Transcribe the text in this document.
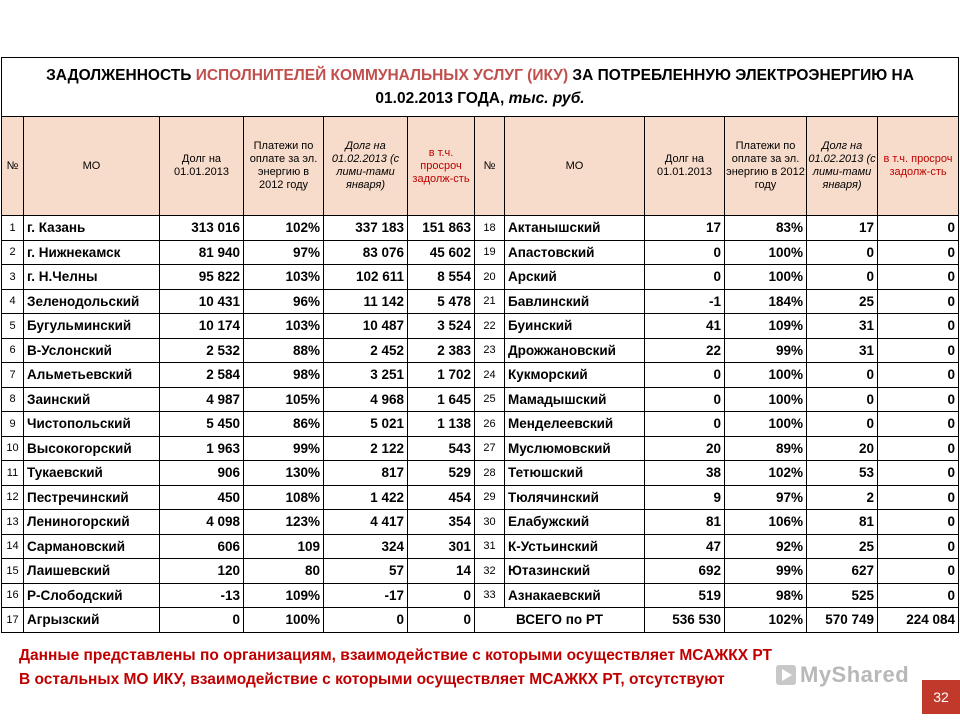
ЗАДОЛЖЕННОСТЬ ИСПОЛНИТЕЛЕЙ КОММУНАЛЬНЫХ УСЛУГ (ИКУ) ЗА ПОТРЕБЛЕННУЮ ЭЛЕКТРОЭНЕРГИЮ НА 01.02.2013 ГОДА, тыс. руб.											
№	МО	Долг на 01.01.2013	Платежи по оплате за эл. энергию в 2012 году	Долг на 01.02.2013 (с лими-тами января)	в т.ч. просроч задолж-сть	№	МО	Долг на 01.01.2013	Платежи по оплате за эл. энергию в 2012 году	Долг на 01.02.2013 (с лими-тами января)	в т.ч. просроч задолж-сть
1	г. Казань	313 016	102%	337 183	151 863	18	Актанышский	17	83%	17	0
2	г. Нижнекамск	81 940	97%	83 076	45 602	19	Апастовский	0	100%	0	0
3	г. Н.Челны	95 822	103%	102 611	8 554	20	Арский	0	100%	0	0
4	Зеленодольский	10 431	96%	11 142	5 478	21	Бавлинский	-1	184%	25	0
5	Бугульминский	10 174	103%	10 487	3 524	22	Буинский	41	109%	31	0
6	В-Услонский	2 532	88%	2 452	2 383	23	Дрожжановский	22	99%	31	0
7	Альметьевский	2 584	98%	3 251	1 702	24	Кукморский	0	100%	0	0
8	Заинский	4 987	105%	4 968	1 645	25	Мамадышский	0	100%	0	0
9	Чистопольский	5 450	86%	5 021	1 138	26	Менделеевский	0	100%	0	0
10	Высокогорский	1 963	99%	2 122	543	27	Муслюмовский	20	89%	20	0
11	Тукаевский	906	130%	817	529	28	Тетюшский	38	102%	53	0
12	Пестречинский	450	108%	1 422	454	29	Тюлячинский	9	97%	2	0
13	Лениногорский	4 098	123%	4 417	354	30	Елабужский	81	106%	81	0
14	Сармановский	606	109	324	301	31	К-Устьинский	47	92%	25	0
15	Лаишевский	120	80	57	14	32	Ютазинский	692	99%	627	0
16	Р-Слободский	-13	109%	-17	0	33	Азнакаевский	519	98%	525	0
17	Агрызский	0	100%	0	0	ВСЕГО по РТ		536 530	102%	570 749	224 084
Данные представлены по организациям, взаимодействие с которыми осуществляет МСАЖКХ РТ
В остальных МО ИКУ, взаимодействие с которыми осуществляет МСАЖКХ РТ, отсутствуют	MyShared
32
